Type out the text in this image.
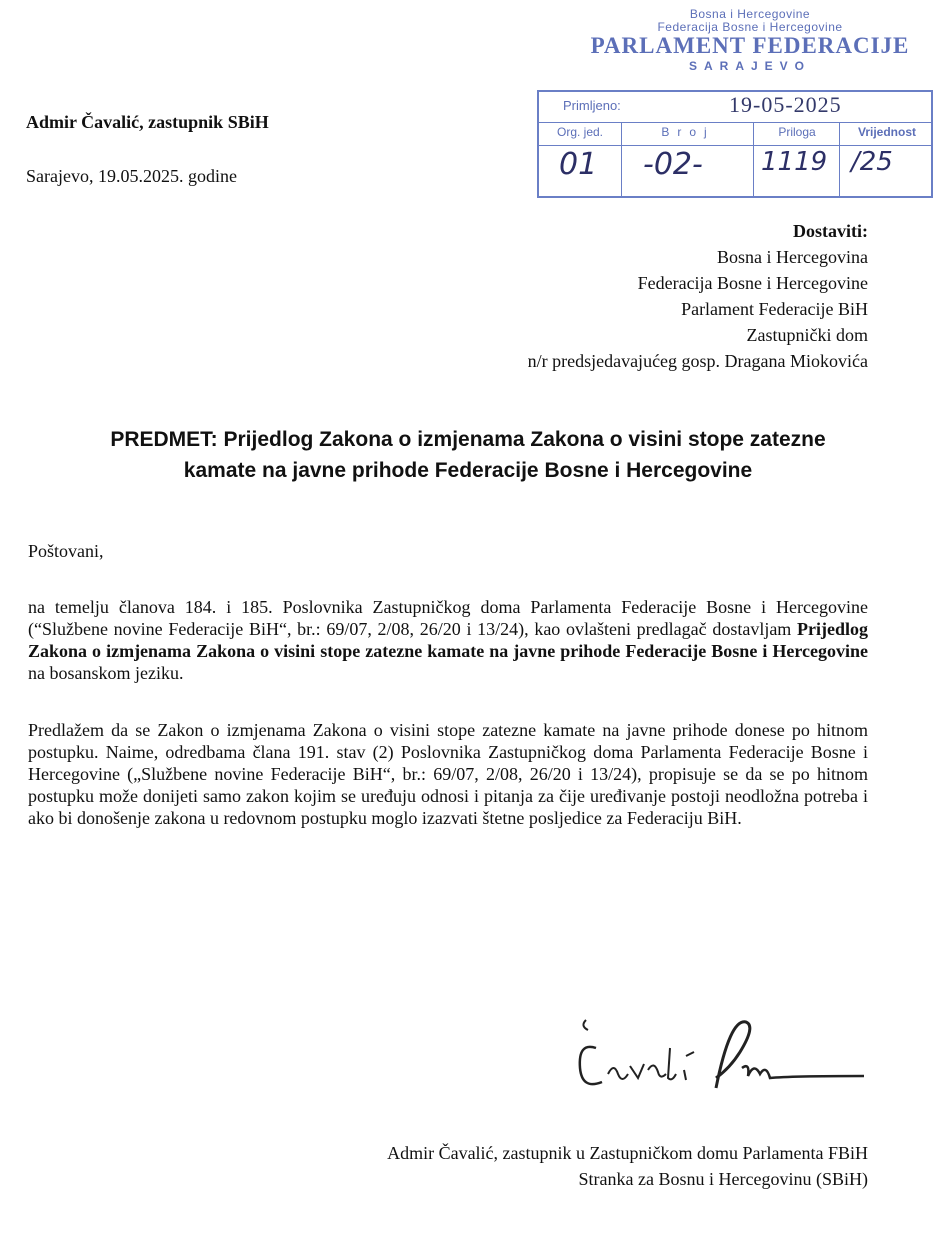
Bosna i Hercegovine
Federacija Bosne i Hercegovine
PARLAMENT FEDERACIJE
SARAJEVO
Primljeno:	19-05-2025
Org. jed.	Broj	Priloga	Vrijednost
01 -02- 1119 /25
Admir Čavalić, zastupnik SBiH
Sarajevo, 19.05.2025. godine
Dostaviti:
Bosna i Hercegovina
Federacija Bosne i Hercegovine
Parlament Federacije BiH
Zastupnički dom
n/r predsjedavajućeg gosp. Dragana Miokovića
PREDMET: Prijedlog Zakona o izmjenama Zakona o visini stope zatezne
kamate na javne prihode Federacije Bosne i Hercegovine
Poštovani,
na temelju članova 184. i 185. Poslovnika Zastupničkog doma Parlamenta Federacije Bosne i Hercegovine (“Službene novine Federacije BiH“, br.: 69/07, 2/08, 26/20 i 13/24), kao ovlašteni predlagač dostavljam Prijedlog Zakona o izmjenama Zakona o visini stope zatezne kamate na javne prihode Federacije Bosne i Hercegovine na bosanskom jeziku.
Predlažem da se Zakon o izmjenama Zakona o visini stope zatezne kamate na javne prihode donese po hitnom postupku. Naime, odredbama člana 191. stav (2) Poslovnika Zastupničkog doma Parlamenta Federacije Bosne i Hercegovine („Službene novine Federacije BiH“, br.: 69/07, 2/08, 26/20 i 13/24), propisuje se da se po hitnom postupku može donijeti samo zakon kojim se uređuju odnosi i pitanja za čije uređivanje postoji neodložna potreba i ako bi donošenje zakona u redovnom postupku moglo izazvati štetne posljedice za Federaciju BiH.
Admir Čavalić, zastupnik u Zastupničkom domu Parlamenta FBiH
Stranka za Bosnu i Hercegovinu (SBiH)
